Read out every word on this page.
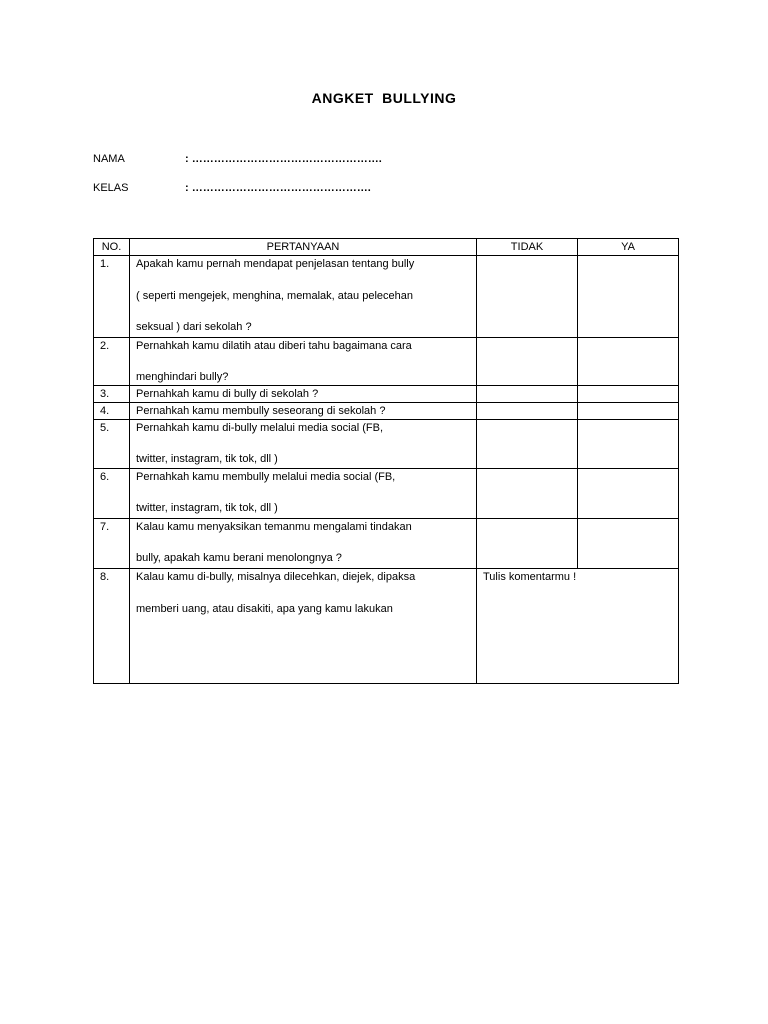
ANGKET BULLYING
NAMA	: …………………………………………….
KELAS	: ………………………………………….
NO.	PERTANYAAN	TIDAK	YA
1.	Apakah kamu pernah mendapat penjelasan tentang bully
( seperti mengejek, menghina, memalak, atau pelecehan
seksual ) dari sekolah ?		

2.	Pernahkah kamu dilatih atau diberi tahu bagaimana cara
menghindari bully?		

3.	Pernahkah kamu di bully di sekolah ?		

4.	Pernahkah kamu membully seseorang di sekolah ?		

5.	Pernahkah kamu di-bully melalui media social (FB,
twitter, instagram, tik tok, dll )		

6.	Pernahkah kamu membully melalui media social (FB,
twitter, instagram, tik tok, dll )		

7.	Kalau kamu menyaksikan temanmu mengalami tindakan
bully, apakah kamu berani menolongnya ?		

8.	Kalau kamu di-bully, misalnya dilecehkan, diejek, dipaksa
memberi uang, atau disakiti, apa yang kamu lakukan	Tulis komentarmu !	
